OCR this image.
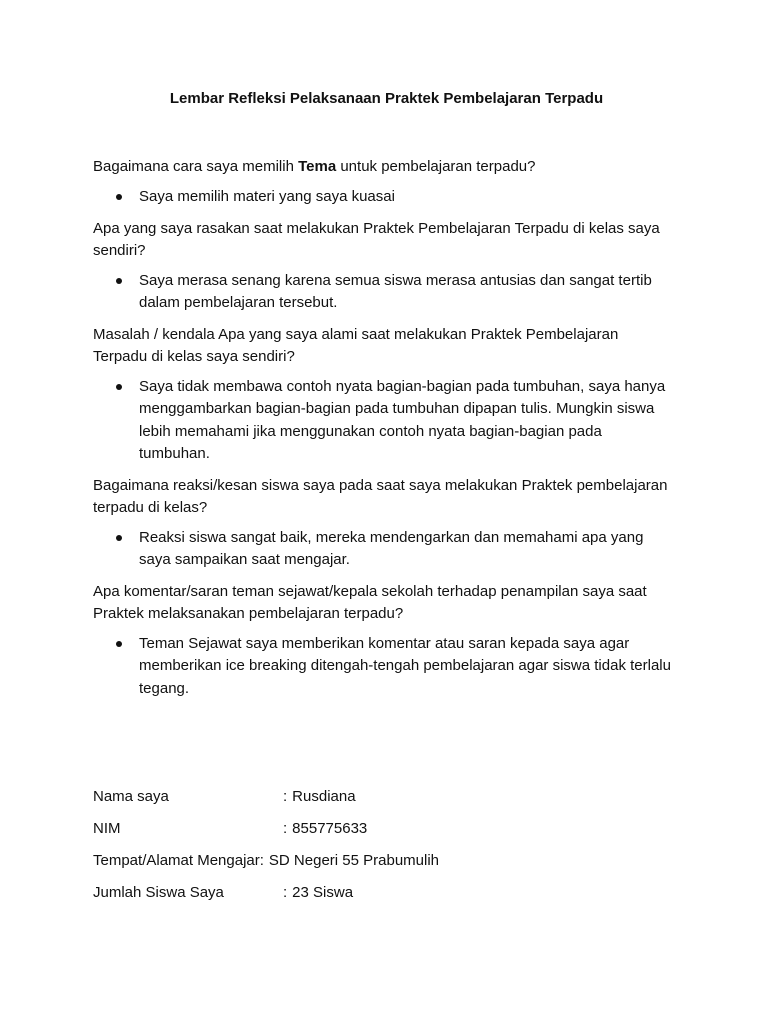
Lembar Refleksi Pelaksanaan Praktek Pembelajaran Terpadu
Bagaimana cara saya memilih Tema untuk pembelajaran terpadu?
Saya memilih materi yang saya kuasai
Apa yang saya rasakan saat melakukan Praktek Pembelajaran Terpadu di kelas saya sendiri?
Saya merasa senang karena semua siswa merasa antusias dan sangat tertib dalam pembelajaran tersebut.
Masalah / kendala Apa yang saya alami saat melakukan Praktek Pembelajaran Terpadu di kelas saya sendiri?
Saya tidak membawa contoh nyata bagian-bagian pada tumbuhan, saya hanya menggambarkan bagian-bagian pada tumbuhan dipapan tulis. Mungkin siswa lebih memahami jika menggunakan contoh nyata bagian-bagian pada tumbuhan.
Bagaimana reaksi/kesan siswa saya pada saat saya melakukan Praktek pembelajaran terpadu di kelas?
Reaksi siswa sangat baik, mereka mendengarkan dan memahami apa yang saya sampaikan saat mengajar.
Apa komentar/saran teman sejawat/kepala sekolah terhadap penampilan saya saat Praktek melaksanakan pembelajaran terpadu?
Teman Sejawat saya memberikan komentar atau saran kepada saya agar memberikan ice breaking ditengah-tengah pembelajaran agar siswa tidak terlalu tegang.
Nama saya	: Rusdiana
NIM	: 855775633
Tempat/Alamat Mengajar : SD Negeri 55 Prabumulih
Jumlah Siswa Saya	: 23 Siswa
